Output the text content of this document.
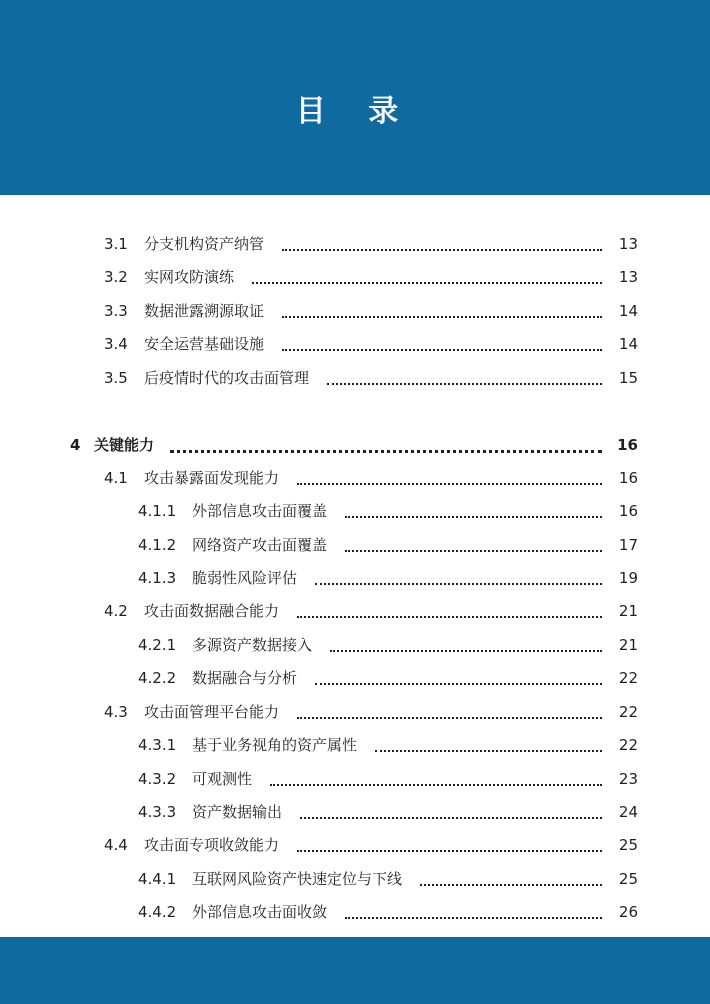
目 录
3.1	分支机构资产纳管	13
3.2	实网攻防演练	13
3.3	数据泄露溯源取证	14
3.4	安全运营基础设施	14
3.5	后疫情时代的攻击面管理	15
4 关键能力	16
4.1	攻击暴露面发现能力	16
4.1.1	外部信息攻击面覆盖	16
4.1.2	网络资产攻击面覆盖	17
4.1.3	脆弱性风险评估	19
4.2	攻击面数据融合能力	21
4.2.1	多源资产数据接入	21
4.2.2	数据融合与分析	22
4.3	攻击面管理平台能力	22
4.3.1	基于业务视角的资产属性	22
4.3.2	可观测性	23
4.3.3	资产数据输出	24
4.4	攻击面专项收敛能力	25
4.4.1	互联网风险资产快速定位与下线	25
4.4.2	外部信息攻击面收敛	26
